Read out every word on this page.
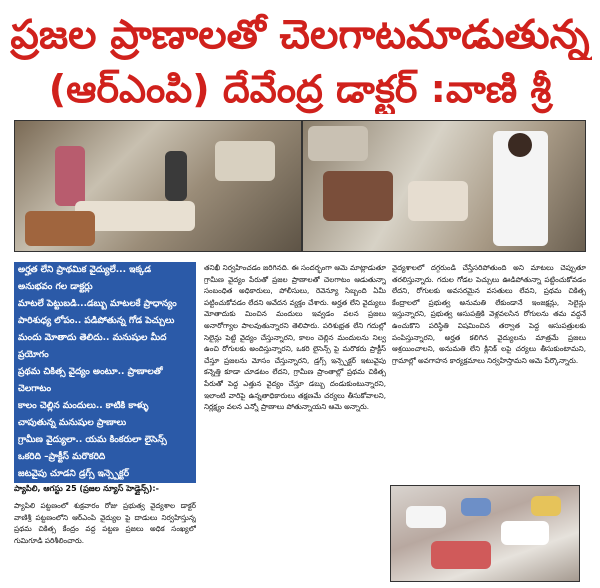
ప్రజల ప్రాణాలతో చెలగాటమాడుతున్న
(ఆర్ఎంపి) దేవేంద్ర డాక్టర్ :వాణి శ్రీ
అర్హత లేని ప్రాథమిక వైద్యులే... ఇక్కడ
అనుభవం గల డాక్టర్లు
మాటలే పెట్టుబడి...డబ్బు మాటలకే ప్రాధాన్యం
పారిశుధ్య లోపం.. పడిపోతున్న గోడ పెచ్చులు
మందు మోతాదు తెలిదు.. మనుషుల మీద
ప్రయోగం
ప్రథమ చికిత్స వైద్యం అంటూ.. ప్రాణాలతో
చెలగాటం
కాలం చెల్లిన మందులు.. కాటికి కాళ్ళు
చాపుతున్న మనుషుల ప్రాణాలు
గ్రామీణ వైద్యులా.. యమ కింకరులా లైసెన్స్
ఒకరిది –ప్రాక్టీస్ మరొకరిది
జటవైపు చూడని డ్రగ్స్ ఇన్స్పెక్టర్
ప్యాపిలి, ఆగస్టు 25 (ప్రజల న్యూస్ హెడ్లైన్స్):-
ప్యాపిలి పట్టణంలో శుక్రవారం రోజు ప్రభుత్వ వైద్యశాల డాక్టర్ వాణిశ్రీ పట్టణంలోని ఆర్ఎంపి వైద్యుల పై దాడులు నిర్వహిస్తున్న ప్రథమ చికిత్స కేంద్రం వద్ద పట్టణ ప్రజలు అధిక సంఖ్యలో గుమిగూడి పరిశీలించారు.
తనిఖీ నిర్వహించడం జరిగినది. ఈ సందర్భంగా ఆమె మాట్లాడుతూ గ్రామీణ వైద్యం పేరుతో ప్రజల ప్రాణాలతో చెలగాటం ఆడుతున్నా సంబంధిత అధికారులు, పోలీసులు, రెవెన్యూ సిబ్బంది ఏమీ పట్టించుకోవడం లేదని ఆవేదన వ్యక్తం చేశారు. అర్హత లేని వైద్యులు మోతాదుకు మించిన మందులు ఇవ్వడం వలన ప్రజలు అనారోగ్యాల పాలవుతున్నారని తెలిపారు. పరిశుభ్రత లేని గదుల్లో సెలైన్లు పెట్టి వైద్యం చేస్తున్నారని, కాలం చెల్లిన మందులను నిల్వ ఉంచి రోగులకు అందిస్తున్నారని, ఒకరి లైసెన్స్ పై మరొకరు ప్రాక్టీస్ చేస్తూ ప్రజలను మోసం చేస్తున్నారని, డ్రగ్స్ ఇన్స్పెక్టర్ ఇటువైపు కన్నెత్తి కూడా చూడటం లేదని, గ్రామీణ ప్రాంతాల్లో ప్రథమ చికిత్స పేరుతో పెద్ద ఎత్తున వైద్యం చేస్తూ డబ్బు దండుకుంటున్నారని, ఇలాంటి వారిపై ఉన్నతాధికారులు తక్షణమే చర్యలు తీసుకోవాలని, నిర్లక్ష్యం వలన ఎన్నో ప్రాణాలు పోతున్నాయని ఆమె అన్నారు.
వైద్యశాలలో దగ్గరుండి చేస్తేసరిపోతుంది అని మాటలు చెప్పుతూ తరలిస్తున్నారు. గదుల గోడల పెచ్చులు ఊడిపోతున్నా పట్టించుకోవడం లేదని, రోగులకు అవసరమైన వసతులు లేవని, ప్రథమ చికిత్స కేంద్రాలలో ప్రభుత్వ అనుమతి లేకుండానే ఇంజక్షన్లు, సెలైన్లు ఇస్తున్నారని, ప్రభుత్వ ఆసుపత్రికి వెళ్లవలసిన రోగులను తమ వద్దనే ఉంచుకొని పరిస్థితి విషమించిన తర్వాత పెద్ద ఆసుపత్రులకు పంపిస్తున్నారని, అర్హత కలిగిన వైద్యులను మాత్రమే ప్రజలు ఆశ్రయించాలని, అనుమతి లేని క్లినిక్ లపై చర్యలు తీసుకుంటామని, గ్రామాల్లో అవగాహన కార్యక్రమాలు నిర్వహిస్తామని ఆమె పేర్కొన్నారు.
